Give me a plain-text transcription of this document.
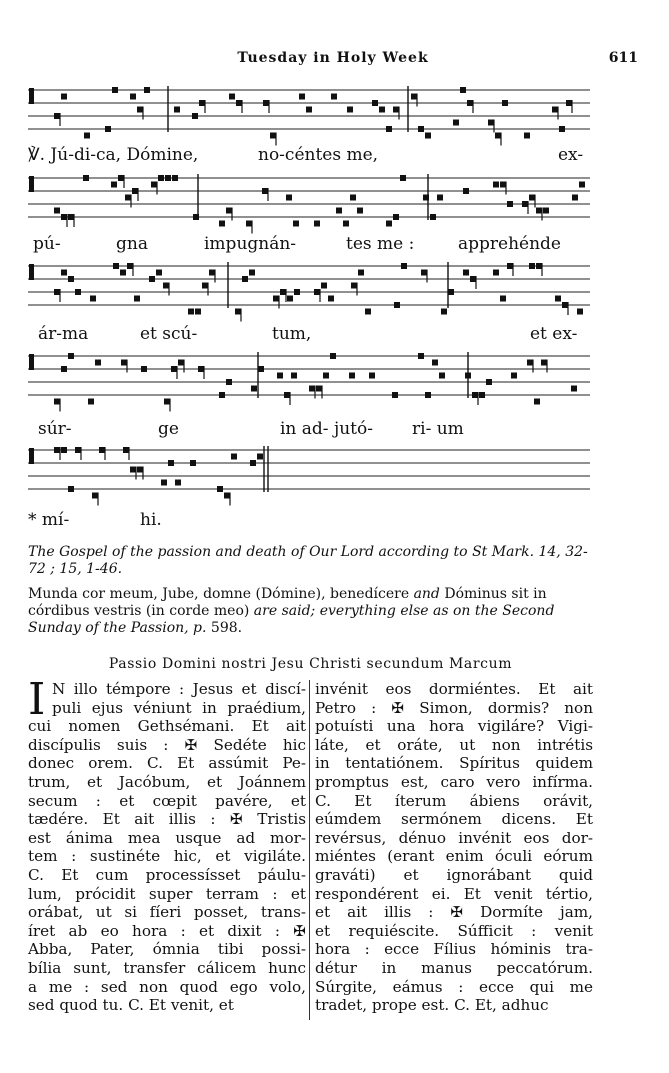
Tuesday in Holy Week	611
℣. Jú-di-ca, Dómine,	no-céntes me,	ex-
pú-	gna	impugnán-	tes me :	apprehénde
ár-ma	et scú-	tum,	et ex-
súr-	ge	in ad- jutó- ri- um
* mí-	hi.
The Gospel of the passion and death of Our Lord according to St Mark. 14, 32-72 ; 15, 1-46.
Munda cor meum, Jube, domne (Dómine), benedícere and Dóminus sit in córdibus vestris (in corde meo) are said; everything else as on the Second Sunday of the Passion, p. 598.
Passio Domini nostri Jesu Christi secundum Marcum
I N illo témpore : Jesus et discí-
puli ejus véniunt in praédium,
cui nomen Gethsémani. Et ait
discípulis suis : ✠ Sedéte hic
donec orem. C. Et assúmit Pe-
trum, et Jacóbum, et Joánnem
secum : et cœpit pavére, et
tædére. Et ait illis : ✠ Tristis
est ánima mea usque ad mor-
tem : sustinéte hic, et vigiláte.
C. Et cum processísset páulu-
lum, prócidit super terram : et
orábat, ut si fíeri posset, trans-
íret ab eo hora : et dixit : ✠
Abba, Pater, ómnia tibi possi-
bília sunt, transfer cálicem hunc
a me : sed non quod ego volo,
sed quod tu. C. Et venit, et
invénit eos dormiéntes. Et ait
Petro : ✠ Simon, dormis? non
potuísti una hora vigiláre? Vigi-
láte, et oráte, ut non intrétis
in tentatiónem. Spíritus quidem
promptus est, caro vero infírma.
C. Et íterum ábiens orávit,
eúmdem sermónem dicens. Et
revérsus, dénuo invénit eos dor-
miéntes (erant enim óculi eórum
graváti) et ignorábant quid
respondérent ei. Et venit tértio,
et ait illis : ✠ Dormíte jam,
et requiéscite. Súfficit : venit
hora : ecce Fílius hóminis tra-
détur in manus peccatórum.
Súrgite, eámus : ecce qui me
tradet, prope est. C. Et, adhuc
